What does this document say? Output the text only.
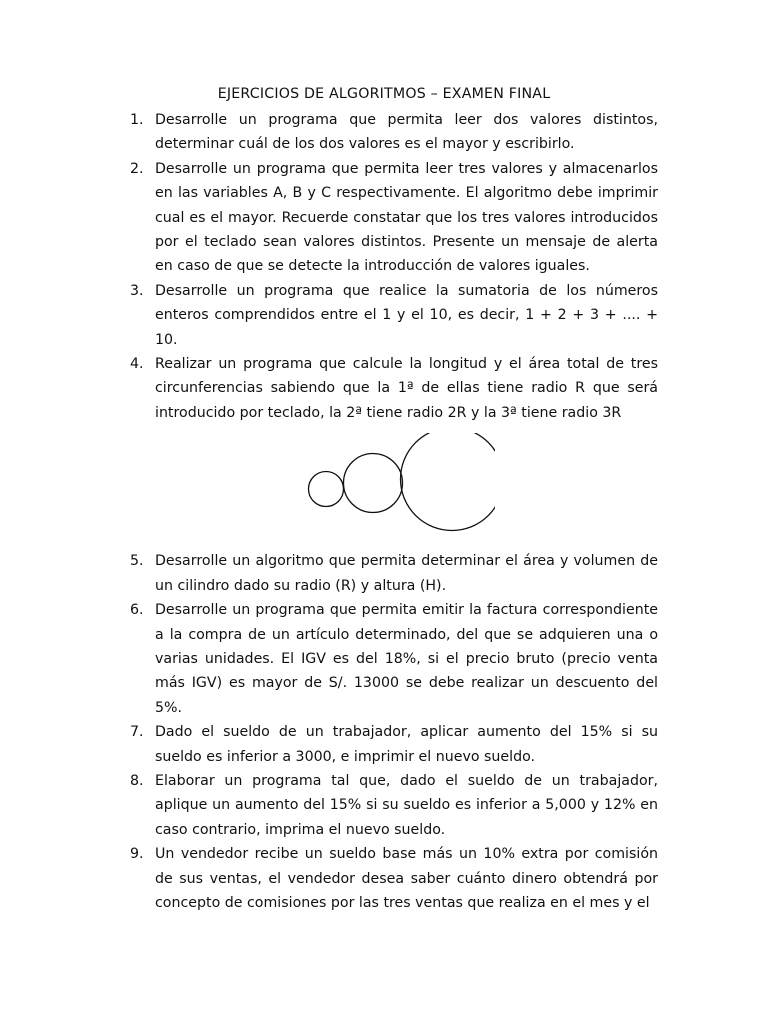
EJERCICIOS DE ALGORITMOS – EXAMEN FINAL
1. Desarrolle un programa que permita leer dos valores distintos, determinar cuál de los dos valores es el mayor y escribirlo.
2. Desarrolle un programa que permita leer tres valores y almacenarlos en las variables A, B y C respectivamente. El algoritmo debe imprimir cual es el mayor. Recuerde constatar que los tres valores introducidos por el teclado sean valores distintos. Presente un mensaje de alerta en caso de que se detecte la introducción de valores iguales.
3. Desarrolle un programa que realice la sumatoria de los números enteros comprendidos entre el 1 y el 10, es decir, 1 + 2 + 3 + .... + 10.
4. Realizar un programa que calcule la longitud y el área total de tres circunferencias sabiendo que la 1ª de ellas tiene radio R que será introducido por teclado, la 2ª tiene radio 2R y la 3ª tiene radio 3R
5. Desarrolle un algoritmo que permita determinar el área y volumen de un cilindro dado su radio (R) y altura (H).
6. Desarrolle un programa que permita emitir la factura correspondiente a la compra de un artículo determinado, del que se adquieren una o varias unidades. El IGV es del 18%, si el precio bruto (precio venta más IGV) es mayor de S/. 13000 se debe realizar un descuento del 5%.
7. Dado el sueldo de un trabajador, aplicar aumento del 15% si su sueldo es inferior a 3000, e imprimir el nuevo sueldo.
8. Elaborar un programa tal que, dado el sueldo de un trabajador, aplique un aumento del 15% si su sueldo es inferior a 5,000 y 12% en caso contrario, imprima el nuevo sueldo.
9. Un vendedor recibe un sueldo base más un 10% extra por comisión de sus ventas, el vendedor desea saber cuánto dinero obtendrá por concepto de comisiones por las tres ventas que realiza en el mes y el
